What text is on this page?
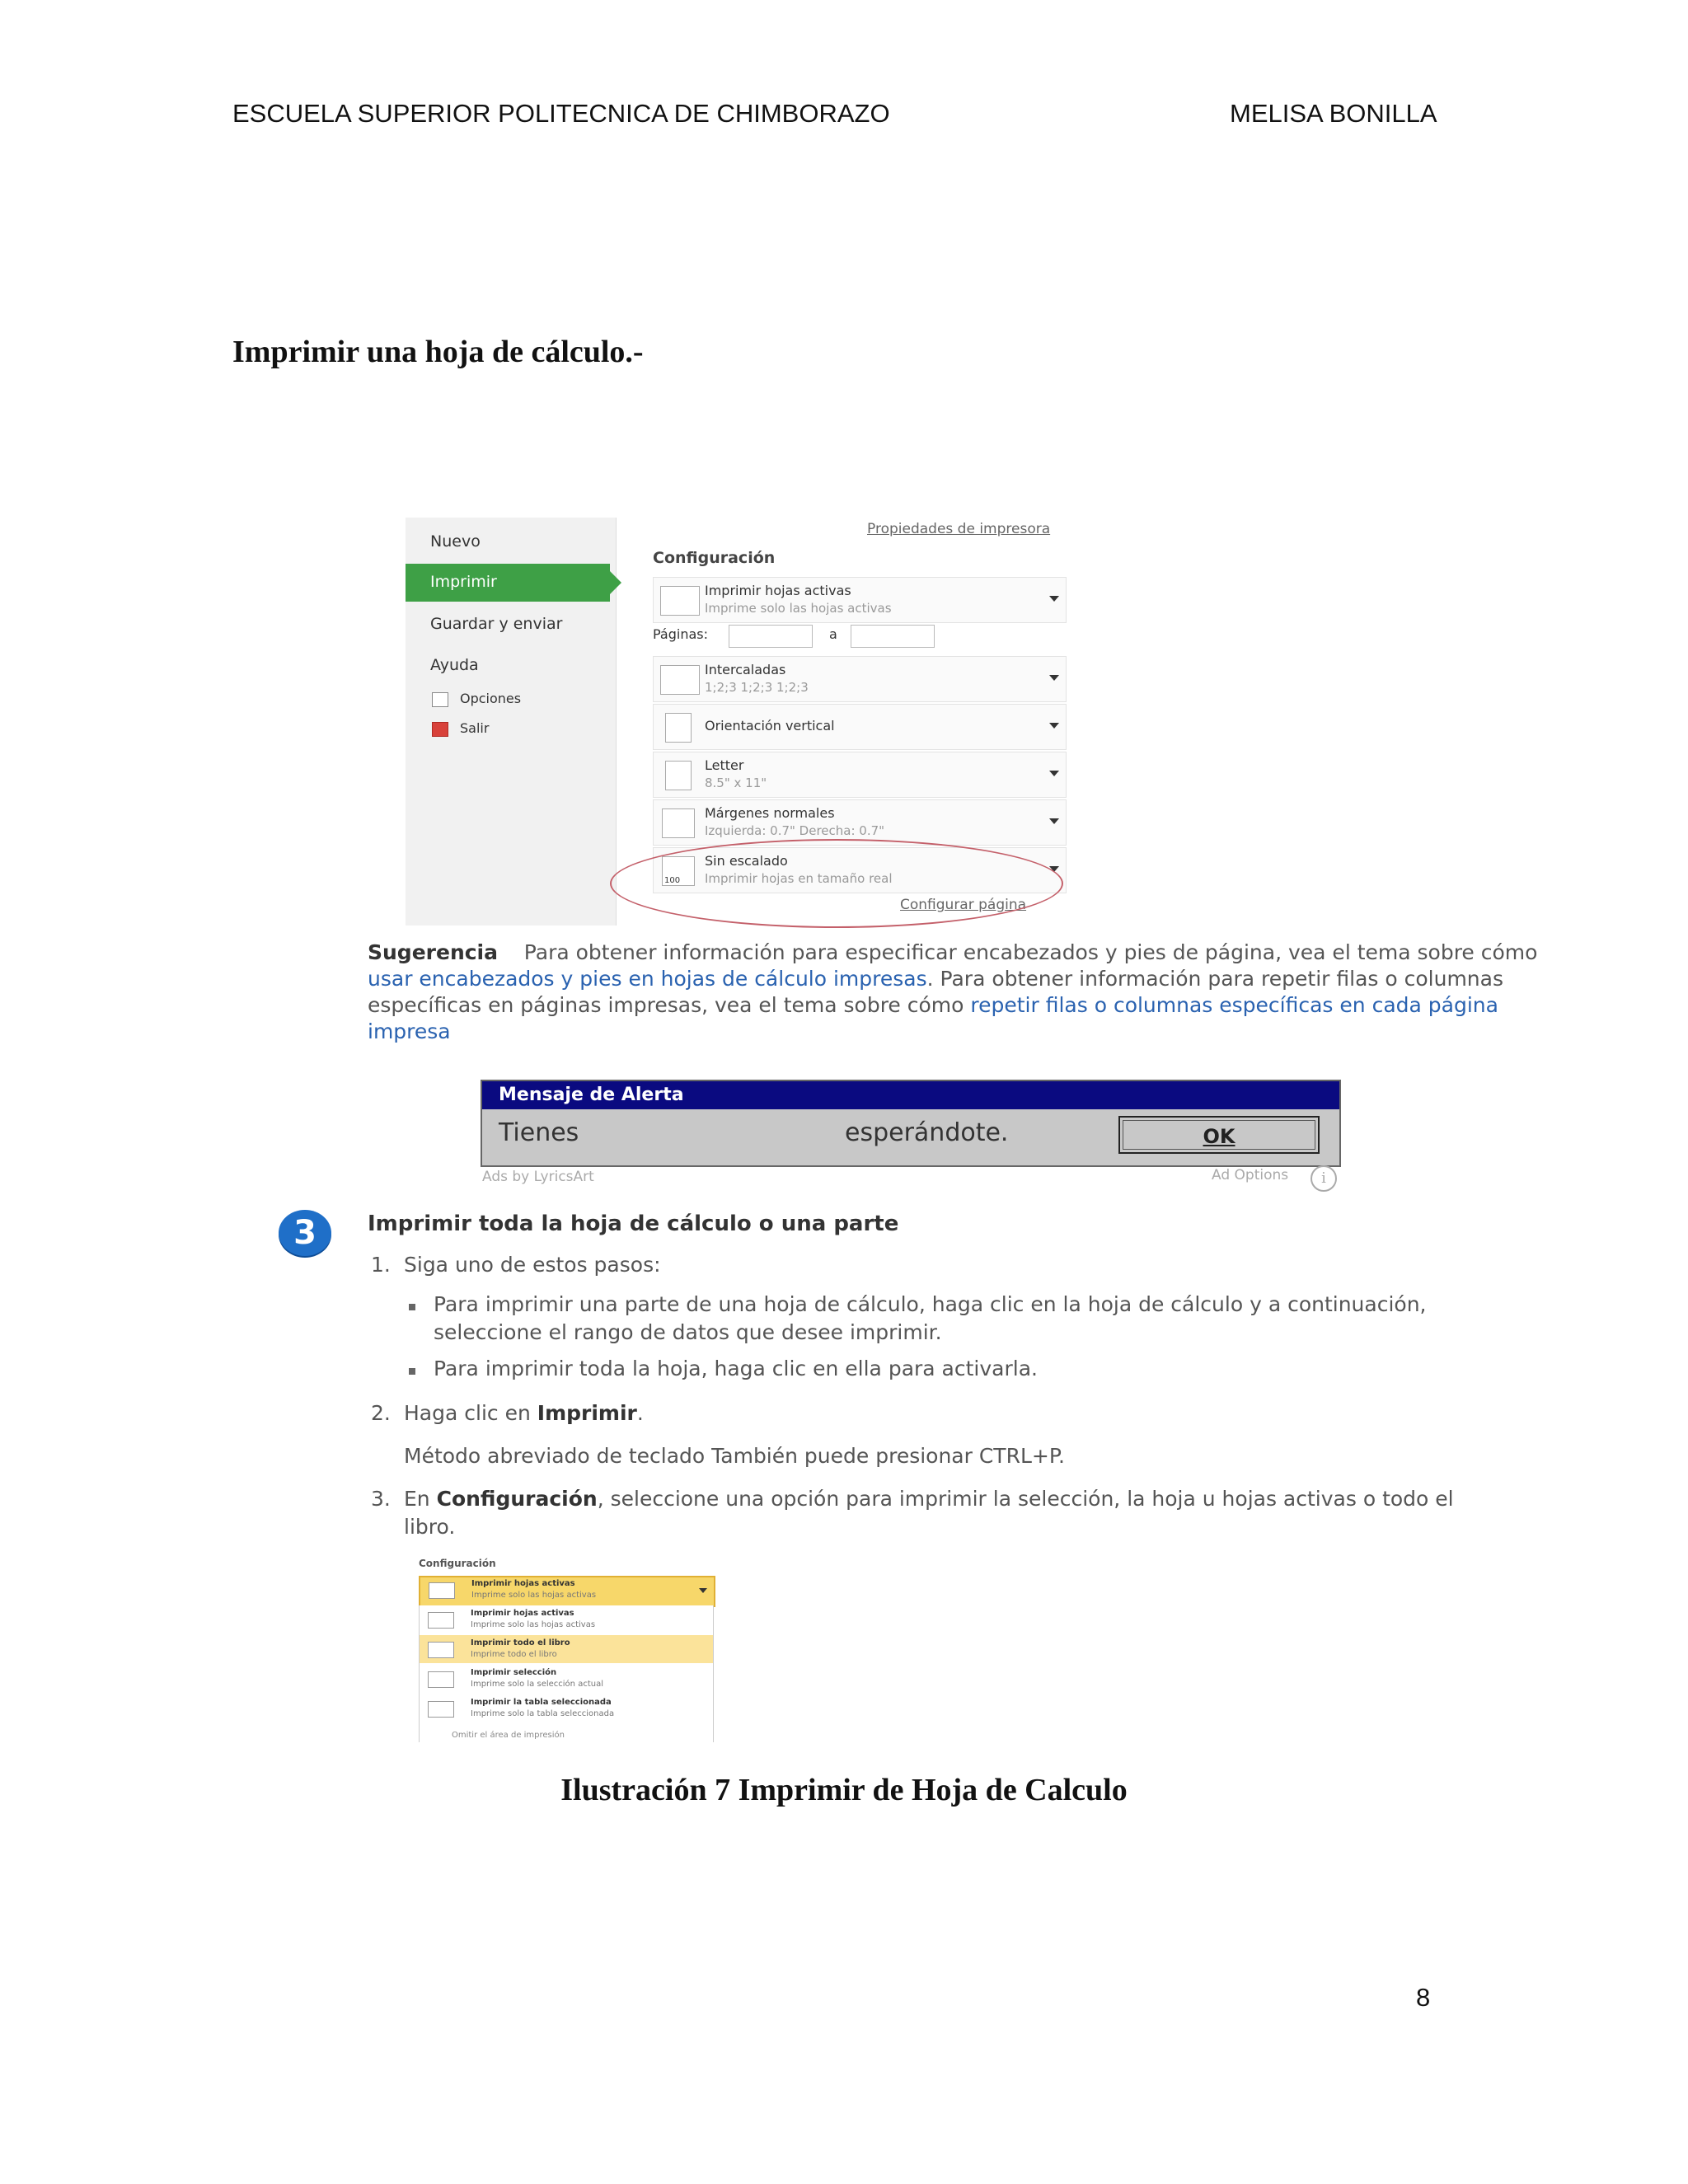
ESCUELA SUPERIOR POLITECNICA DE CHIMBORAZO	MELISA BONILLA
Imprimir una hoja de cálculo.-
Nuevo
Imprimir
Guardar y enviar
Ayuda
Opciones
Salir
Propiedades de impresora
Configuración
Imprimir hojas activas
Imprime solo las hojas activas
Páginas:	a
Intercaladas
1;2;3 1;2;3 1;2;3
Orientación vertical
Letter
8.5" x 11"
Márgenes normales
Izquierda: 0.7" Derecha: 0.7"
100
Sin escalado
Imprimir hojas en tamaño real
Configurar página
Sugerencia Para obtener información para especificar encabezados y pies de página, vea el tema sobre cómo usar encabezados y pies en hojas de cálculo impresas. Para obtener información para repetir filas o columnas específicas en páginas impresas, vea el tema sobre cómo repetir filas o columnas específicas en cada página impresa
Mensaje de Alerta
Tienes	esperándote.	OK
Ads by LyricsArt	Ad Options	i
3	Imprimir toda la hoja de cálculo o una parte
1. Siga uno de estos pasos:
Para imprimir una parte de una hoja de cálculo, haga clic en la hoja de cálculo y a continuación,
seleccione el rango de datos que desee imprimir.
Para imprimir toda la hoja, haga clic en ella para activarla.
2. Haga clic en Imprimir.
Método abreviado de teclado También puede presionar CTRL+P.
3. En Configuración, seleccione una opción para imprimir la selección, la hoja u hojas activas o todo el
libro.
Configuración
Imprimir hojas activas
Imprime solo las hojas activas
Imprimir hojas activas
Imprime solo las hojas activas
Imprimir todo el libro
Imprime todo el libro
Imprimir selección
Imprime solo la selección actual
Imprimir la tabla seleccionada
Imprime solo la tabla seleccionada
Omitir el área de impresión
Ilustración 7 Imprimir de Hoja de Calculo
8
